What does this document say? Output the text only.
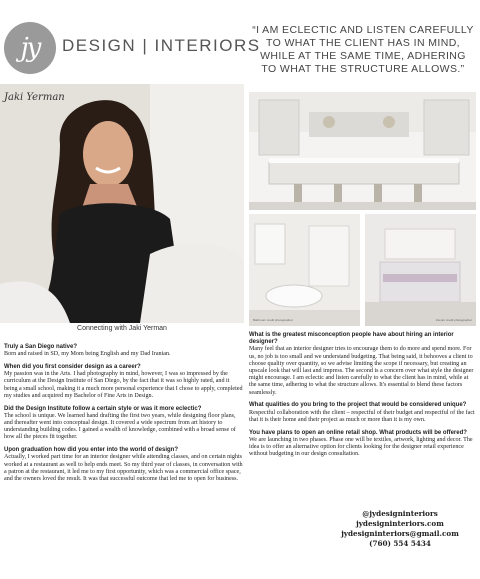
jy DESIGN | INTERIORS
“I AM ECLECTIC AND LISTEN CAREFULLY TO WHAT THE CLIENT HAS IN MIND, WHILE AT THE SAME TIME, ADHERING TO WHAT THE STRUCTURE ALLOWS.”
Jaki Yerman
Connecting with Jaki Yerman
Bathroom credit photographer	Interior credit photographer

Truly a San Diego native?
Born and raised in SD, my Mom being English and my Dad Iranian.

When did you first consider design as a career?
My passion was in the Arts. I had photography in mind, however, I was so impressed by the curriculum at the Design Institute of San Diego, by the fact that it was so highly rated, and it being a small school, making it a much more personal experience that I chose to apply, completed my studies and acquired my Bachelor of Fine Arts in Design.

Did the Design Institute follow a certain style or was it more eclectic?
The school is unique. We learned hand drafting the first two years, while designing floor plans, and thereafter went into conceptual design. It covered a wide spectrum from art history to understanding building codes. I gained a wealth of knowledge, combined with a broad sense of how all the pieces fit together.

Upon graduation how did you enter into the world of design?
Actually, I worked part time for an interior designer while attending classes, and on certain nights worked at a restaurant as well to help ends meet. So my third year of classes, in conversation with a patron at the restaurant, it led me to my first opportunity, which was a commercial office space, and the owners loved the result. It was that successful outcome that led me to open for business.

What is the greatest misconception people have about hiring an interior designer?
Many feel that an interior designer tries to encourage them to do more and spend more. For us, no job is too small and we understand budgeting. That being said, it behooves a client to choose quality over quantity, so we advise limiting the scope if necessary, but creating an upscale look that will last and impress. The second is a concern over what style the designer might encourage. I am eclectic and listen carefully to what the client has in mind, while at the same time, adhering to what the structure allows. It's essential to blend these factors seamlessly.

What qualities do you bring to the project that would be considered unique?
Respectful collaboration with the client – respectful of their budget and respectful of the fact that it is their home and their project as much or more than it is my own.

You have plans to open an online retail shop. What products will be offered?
We are launching in two phases. Phase one will be textiles, artwork, lighting and decor. The idea is to offer an alternative option for clients looking for the designer retail experience without budgeting in our design consultation.

@jydesigninteriors
jydesigninteriors.com
jydesigninteriors@gmail.com
(760) 554 5434
